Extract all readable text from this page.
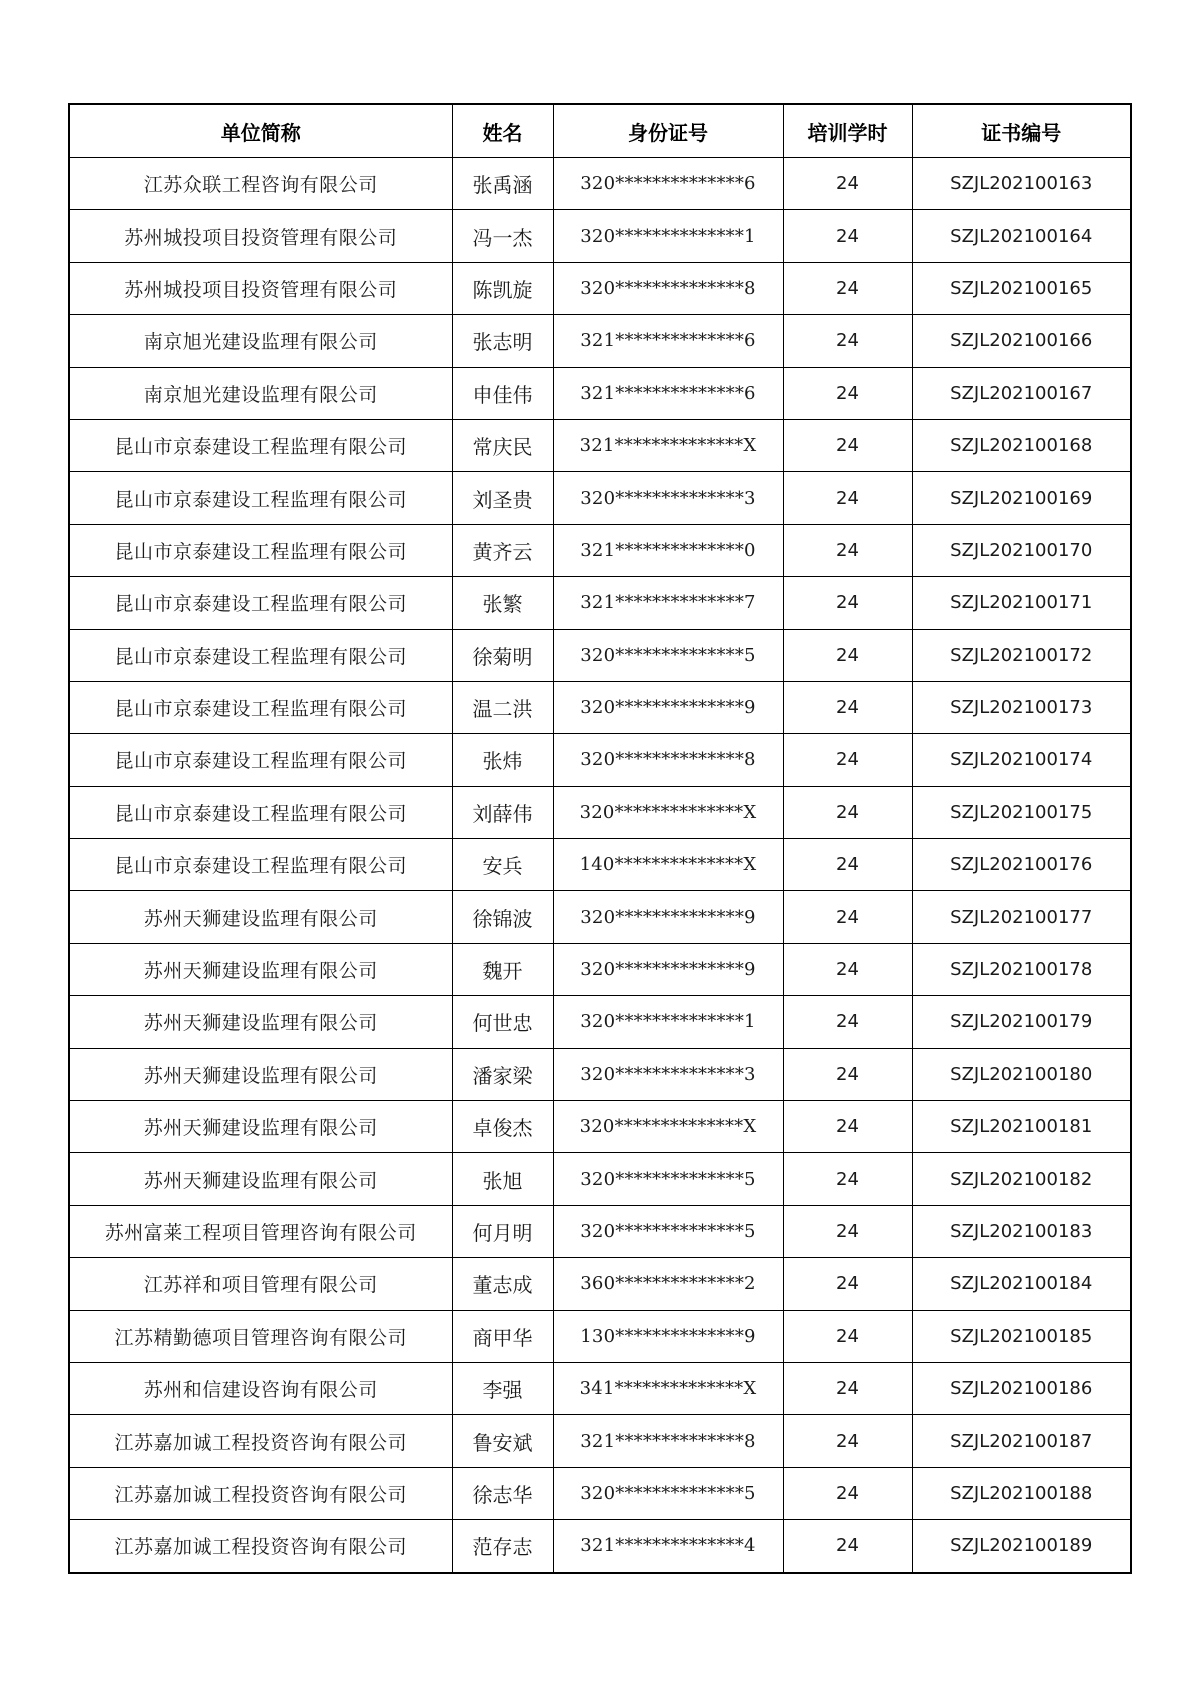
单位简称	姓名	身份证号	培训学时	证书编号
江苏众联工程咨询有限公司	张禹涵	320**************6	24	SZJL202100163
苏州城投项目投资管理有限公司	冯一杰	320**************1	24	SZJL202100164
苏州城投项目投资管理有限公司	陈凯旋	320**************8	24	SZJL202100165
南京旭光建设监理有限公司	张志明	321**************6	24	SZJL202100166
南京旭光建设监理有限公司	申佳伟	321**************6	24	SZJL202100167
昆山市京泰建设工程监理有限公司	常庆民	321**************X	24	SZJL202100168
昆山市京泰建设工程监理有限公司	刘圣贵	320**************3	24	SZJL202100169
昆山市京泰建设工程监理有限公司	黄齐云	321**************0	24	SZJL202100170
昆山市京泰建设工程监理有限公司	张繁	321**************7	24	SZJL202100171
昆山市京泰建设工程监理有限公司	徐菊明	320**************5	24	SZJL202100172
昆山市京泰建设工程监理有限公司	温二洪	320**************9	24	SZJL202100173
昆山市京泰建设工程监理有限公司	张炜	320**************8	24	SZJL202100174
昆山市京泰建设工程监理有限公司	刘薛伟	320**************X	24	SZJL202100175
昆山市京泰建设工程监理有限公司	安兵	140**************X	24	SZJL202100176
苏州天狮建设监理有限公司	徐锦波	320**************9	24	SZJL202100177
苏州天狮建设监理有限公司	魏开	320**************9	24	SZJL202100178
苏州天狮建设监理有限公司	何世忠	320**************1	24	SZJL202100179
苏州天狮建设监理有限公司	潘家梁	320**************3	24	SZJL202100180
苏州天狮建设监理有限公司	卓俊杰	320**************X	24	SZJL202100181
苏州天狮建设监理有限公司	张旭	320**************5	24	SZJL202100182
苏州富莱工程项目管理咨询有限公司	何月明	320**************5	24	SZJL202100183
江苏祥和项目管理有限公司	董志成	360**************2	24	SZJL202100184
江苏精勤德项目管理咨询有限公司	商甲华	130**************9	24	SZJL202100185
苏州和信建设咨询有限公司	李强	341**************X	24	SZJL202100186
江苏嘉加诚工程投资咨询有限公司	鲁安斌	321**************8	24	SZJL202100187
江苏嘉加诚工程投资咨询有限公司	徐志华	320**************5	24	SZJL202100188
江苏嘉加诚工程投资咨询有限公司	范存志	321**************4	24	SZJL202100189
